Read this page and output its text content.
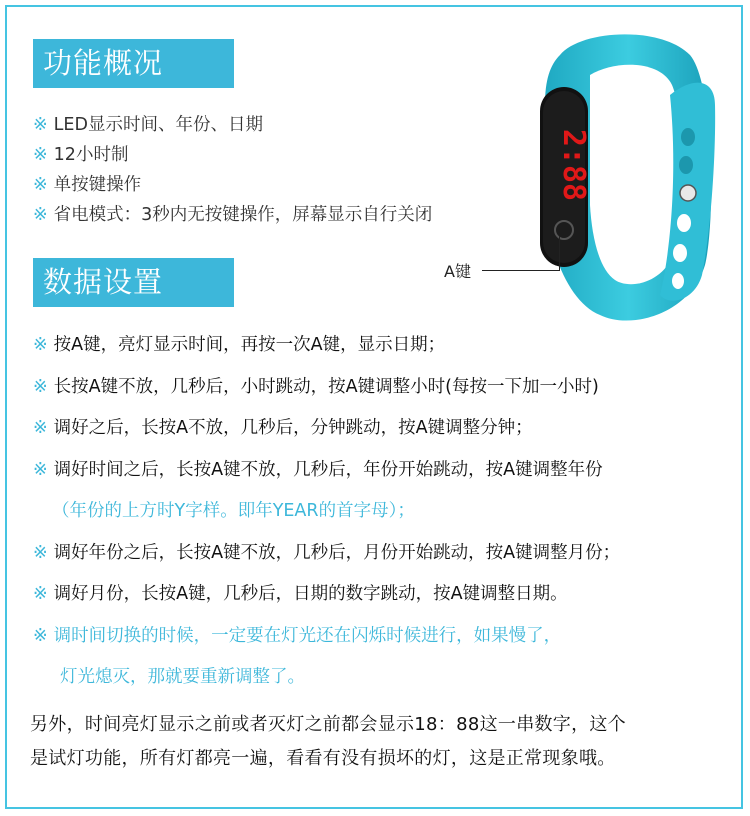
功能概况
※ LED显示时间、年份、日期
※ 12小时制
※ 单按键操作
※ 省电模式：3秒内无按键操作，屏幕显示自行关闭
2:88
A键
数据设置
※ 按A键，亮灯显示时间，再按一次A键，显示日期；
※ 长按A键不放，几秒后，小时跳动，按A键调整小时(每按一下加一小时)
※ 调好之后，长按A不放，几秒后，分钟跳动，按A键调整分钟；
※ 调好时间之后，长按A键不放，几秒后，年份开始跳动，按A键调整年份
（年份的上方时Y字样。即年YEAR的首字母）；
※ 调好年份之后，长按A键不放，几秒后，月份开始跳动，按A键调整月份；
※ 调好月份，长按A键，几秒后，日期的数字跳动，按A键调整日期。
※ 调时间切换的时候，一定要在灯光还在闪烁时候进行，如果慢了，
灯光熄灭，那就要重新调整了。
另外，时间亮灯显示之前或者灭灯之前都会显示18：88这一串数字，这个
是试灯功能，所有灯都亮一遍，看看有没有损坏的灯，这是正常现象哦。
